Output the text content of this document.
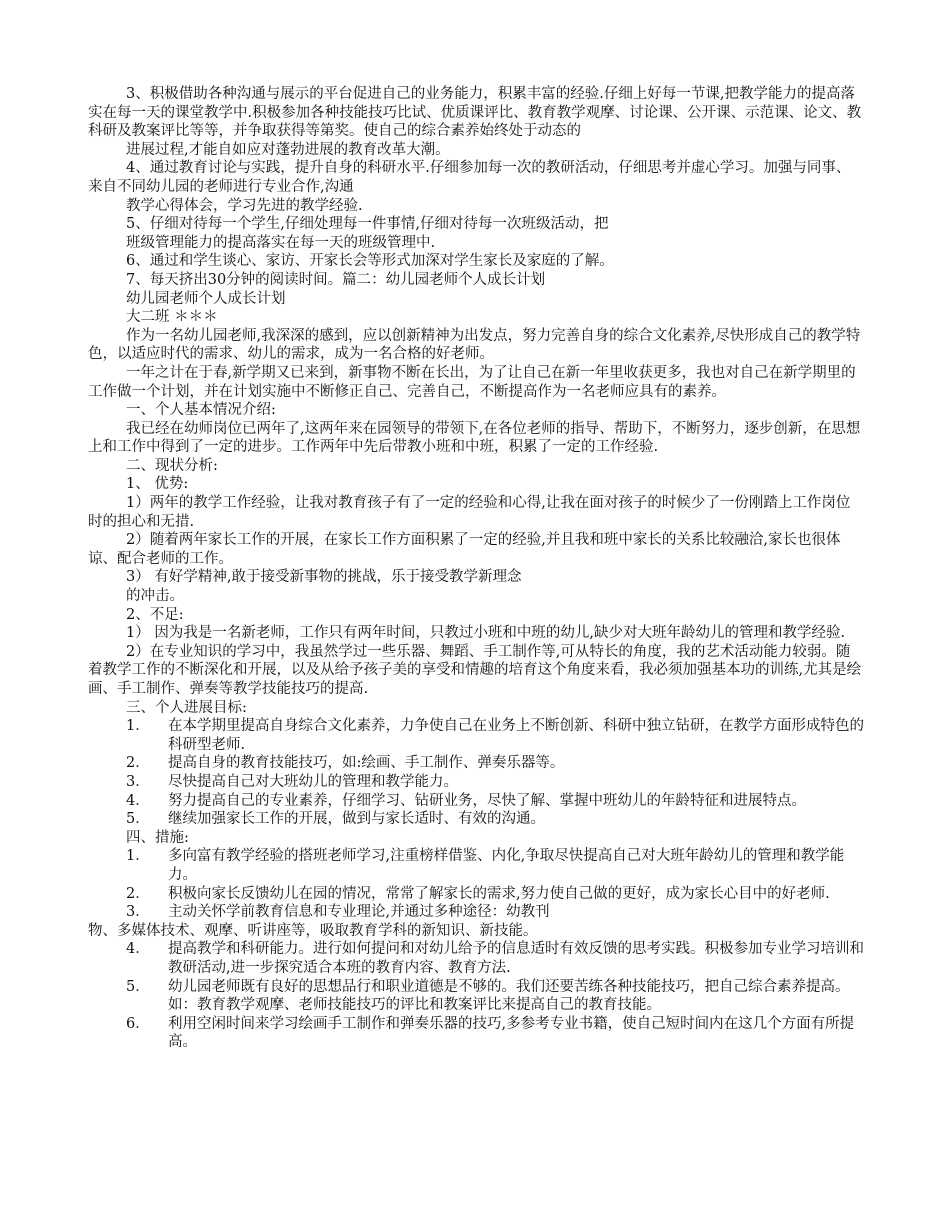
3、积极借助各种沟通与展示的平台促进自己的业务能力，积累丰富的经验.仔细上好每一节课,把教学能力的提高落实在每一天的课堂教学中.积极参加各种技能技巧比试、优质课评比、教育教学观摩、讨论课、公开课、示范课、论文、教科研及教案评比等等，并争取获得等第奖。使自己的综合素养始终处于动态的

进展过程,才能自如应对蓬勃进展的教育改革大潮。

4、通过教育讨论与实践，提升自身的科研水平.仔细参加每一次的教研活动，仔细思考并虚心学习。加强与同事、来自不同幼儿园的老师进行专业合作,沟通

教学心得体会，学习先进的教学经验.

5、仔细对待每一个学生,仔细处理每一件事情,仔细对待每一次班级活动，把

班级管理能力的提高落实在每一天的班级管理中.

6、通过和学生谈心、家访、开家长会等形式加深对学生家长及家庭的了解。

7、每天挤出30分钟的阅读时间。篇二：幼儿园老师个人成长计划

幼儿园老师个人成长计划

大二班 ＊＊＊

作为一名幼儿园老师,我深深的感到，应以创新精神为出发点，努力完善自身的综合文化素养,尽快形成自己的教学特色，以适应时代的需求、幼儿的需求，成为一名合格的好老师。

一年之计在于春,新学期又已来到，新事物不断在长出，为了让自己在新一年里收获更多，我也对自己在新学期里的工作做一个计划，并在计划实施中不断修正自己、完善自己，不断提高作为一名老师应具有的素养。

一、个人基本情况介绍:

我已经在幼师岗位已两年了,这两年来在园领导的带领下,在各位老师的指导、帮助下，不断努力，逐步创新，在思想上和工作中得到了一定的进步。工作两年中先后带教小班和中班，积累了一定的工作经验.

二、现状分析:

1、 优势:

1）两年的教学工作经验，让我对教育孩子有了一定的经验和心得,让我在面对孩子的时候少了一份刚踏上工作岗位时的担心和无措.

2）随着两年家长工作的开展，在家长工作方面积累了一定的经验,并且我和班中家长的关系比较融洽,家长也很体谅、配合老师的工作。

3） 有好学精神,敢于接受新事物的挑战，乐于接受教学新理念

的冲击。

2、不足:

1） 因为我是一名新老师，工作只有两年时间，只教过小班和中班的幼儿,缺少对大班年龄幼儿的管理和教学经验.

2）在专业知识的学习中，我虽然学过一些乐器、舞蹈、手工制作等,可从特长的角度，我的艺术活动能力较弱。随着教学工作的不断深化和开展，以及从给予孩子美的享受和情趣的培育这个角度来看，我必须加强基本功的训练,尤其是绘画、手工制作、弹奏等教学技能技巧的提高.

三、个人进展目标:

1．	在本学期里提高自身综合文化素养，力争使自己在业务上不断创新、科研中独立钻研，在教学方面形成特色的科研型老师.
2．	提高自身的教育技能技巧，如:绘画、手工制作、弹奏乐器等。
3．	尽快提高自己对大班幼儿的管理和教学能力。
4．	努力提高自己的专业素养，仔细学习、钻研业务，尽快了解、掌握中班幼儿的年龄特征和进展特点。
5．	继续加强家长工作的开展，做到与家长适时、有效的沟通。

四、措施:

1．	多向富有教学经验的搭班老师学习,注重榜样借鉴、内化,争取尽快提高自己对大班年龄幼儿的管理和教学能力。
2．	积极向家长反馈幼儿在园的情况，常常了解家长的需求,努力使自己做的更好，成为家长心目中的好老师.
3．	主动关怀学前教育信息和专业理论,并通过多种途径：幼教刊

物、多媒体技术、观摩、听讲座等，吸取教育学科的新知识、新技能。

4．	提高教学和科研能力。进行如何提问和对幼儿给予的信息适时有效反馈的思考实践。积极参加专业学习培训和教研活动,进一步探究适合本班的教育内容、教育方法.
5．	幼儿园老师既有良好的思想品行和职业道德是不够的。我们还要苦练各种技能技巧，把自己综合素养提高。如：教育教学观摩、老师技能技巧的评比和教案评比来提高自己的教育技能。
6．	利用空闲时间来学习绘画手工制作和弹奏乐器的技巧,多参考专业书籍，使自己短时间内在这几个方面有所提高。
